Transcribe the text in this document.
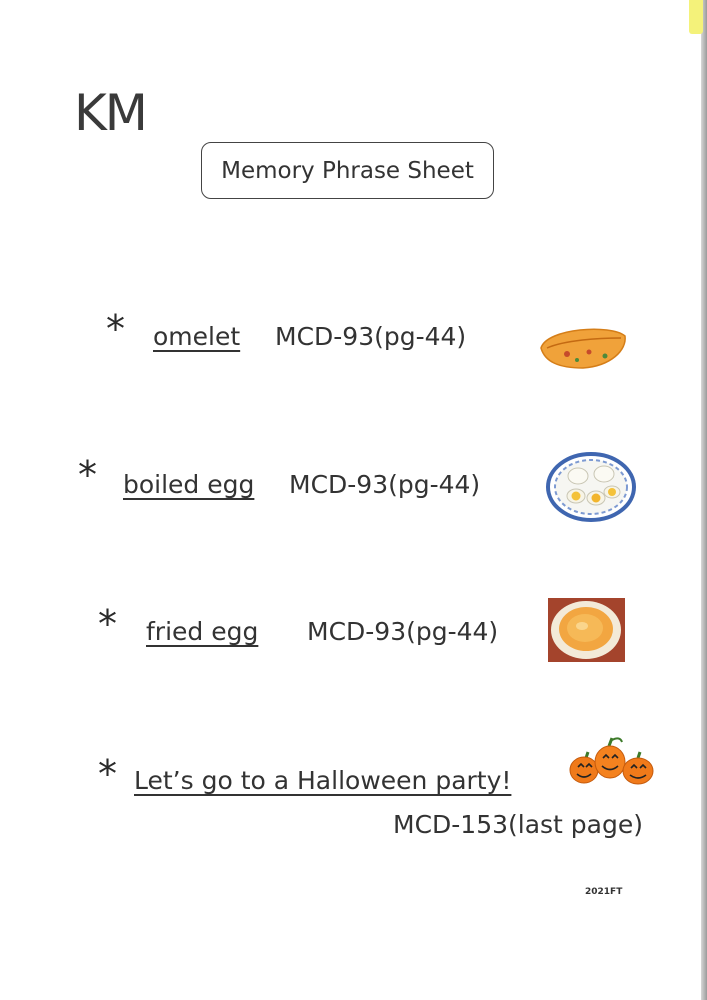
KM
Memory Phrase Sheet
* omelet MCD-93(pg-44)
* boiled egg MCD-93(pg-44)
* fried egg MCD-93(pg-44)
* Let’s go to a Halloween party!
MCD-153(last page)
2021FT
